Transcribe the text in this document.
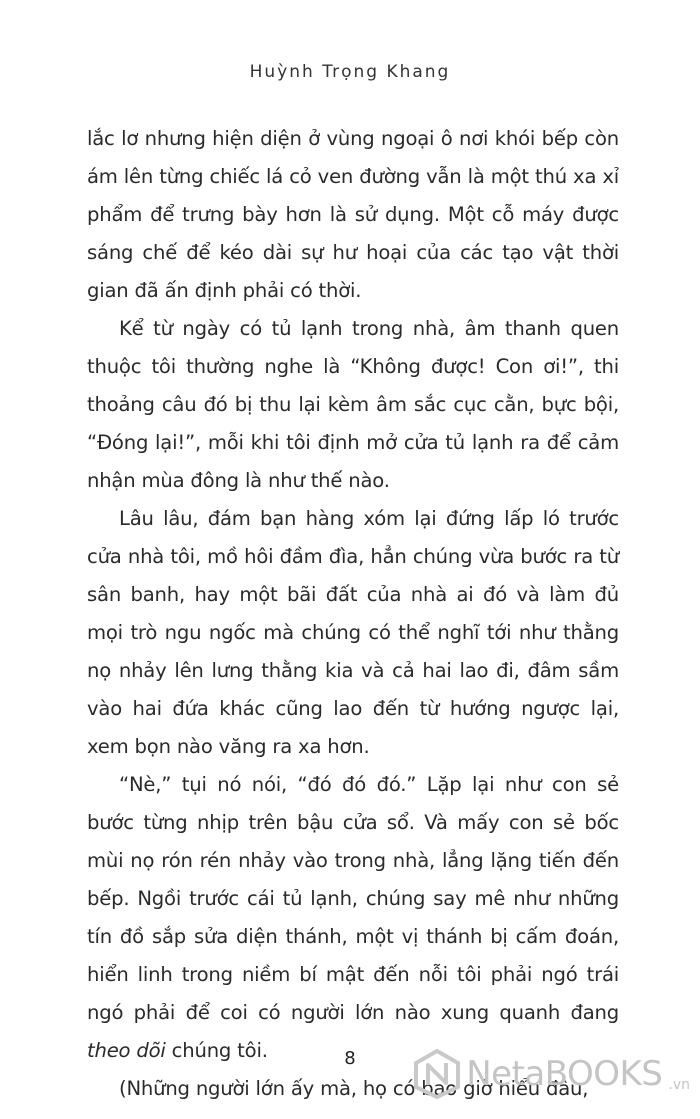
Huỳnh Trọng Khang

lắc lơ nhưng hiện diện ở vùng ngoại ô nơi khói bếp còn ám lên từng chiếc lá cỏ ven đường vẫn là một thú xa xỉ phẩm để trưng bày hơn là sử dụng. Một cỗ máy được sáng chế để kéo dài sự hư hoại của các tạo vật thời gian đã ấn định phải có thời.

Kể từ ngày có tủ lạnh trong nhà, âm thanh quen thuộc tôi thường nghe là “Không được! Con ơi!”, thi thoảng câu đó bị thu lại kèm âm sắc cục cằn, bực bội, “Đóng lại!”, mỗi khi tôi định mở cửa tủ lạnh ra để cảm nhận mùa đông là như thế nào.

Lâu lâu, đám bạn hàng xóm lại đứng lấp ló trước cửa nhà tôi, mồ hôi đầm đìa, hẳn chúng vừa bước ra từ sân banh, hay một bãi đất của nhà ai đó và làm đủ mọi trò ngu ngốc mà chúng có thể nghĩ tới như thằng nọ nhảy lên lưng thằng kia và cả hai lao đi, đâm sầm vào hai đứa khác cũng lao đến từ hướng ngược lại, xem bọn nào văng ra xa hơn.

“Nè,” tụi nó nói, “đó đó đó.” Lặp lại như con sẻ bước từng nhịp trên bậu cửa sổ. Và mấy con sẻ bốc mùi nọ rón rén nhảy vào trong nhà, lẳng lặng tiến đến bếp. Ngồi trước cái tủ lạnh, chúng say mê như những tín đồ sắp sửa diện thánh, một vị thánh bị cấm đoán, hiển linh trong niềm bí mật đến nỗi tôi phải ngó trái ngó phải để coi có người lớn nào xung quanh đang theo dõi chúng tôi.

(Những người lớn ấy mà, họ có bao giờ hiểu đâu,

8	NetaBOOKS .vn
